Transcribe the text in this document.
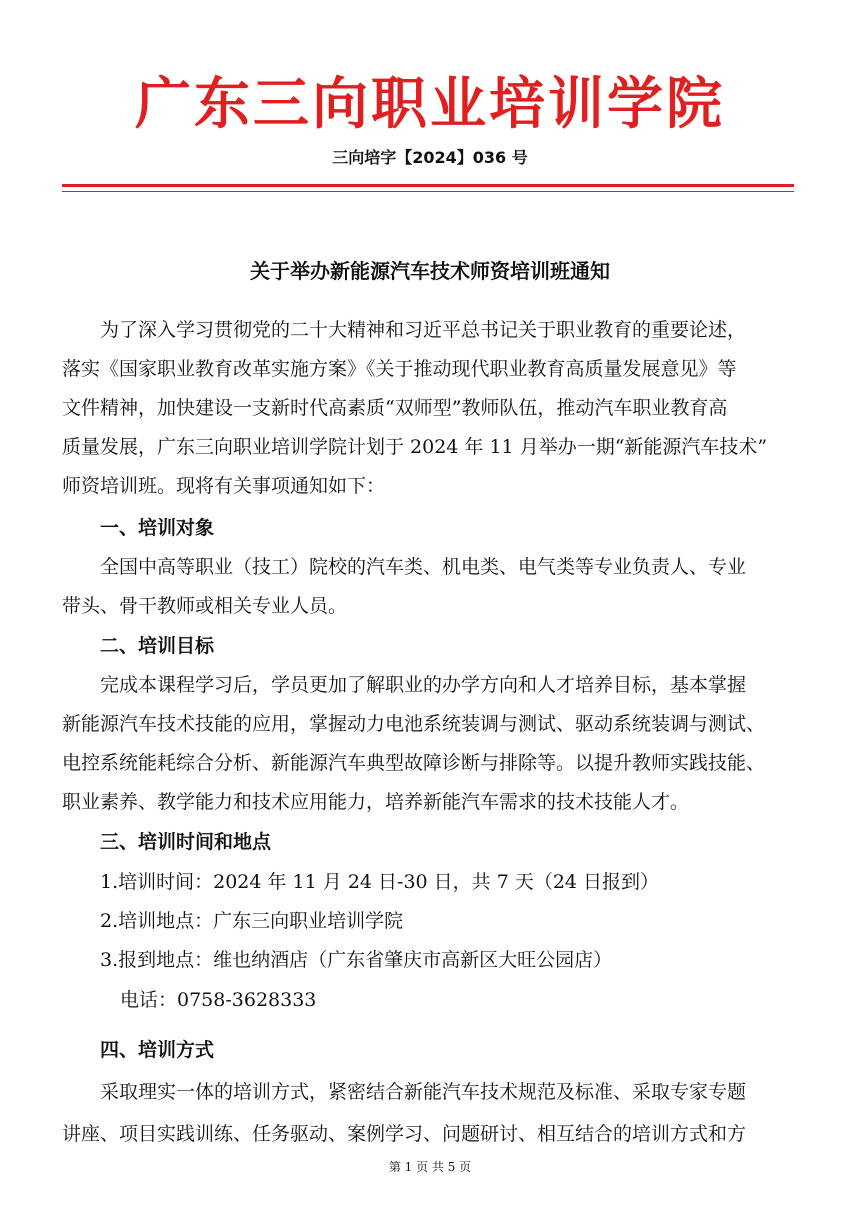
广东三向职业培训学院
三向培字【2024】036 号
关于举办新能源汽车技术师资培训班通知
为了深入学习贯彻党的二十大精神和习近平总书记关于职业教育的重要论述，
落实《国家职业教育改革实施方案》《关于推动现代职业教育高质量发展意见》等
文件精神，加快建设一支新时代高素质“双师型”教师队伍，推动汽车职业教育高
质量发展，广东三向职业培训学院计划于 2024 年 11 月举办一期“新能源汽车技术”
师资培训班。现将有关事项通知如下：
一、培训对象
全国中高等职业（技工）院校的汽车类、机电类、电气类等专业负责人、专业
带头、骨干教师或相关专业人员。
二、培训目标
完成本课程学习后，学员更加了解职业的办学方向和人才培养目标，基本掌握
新能源汽车技术技能的应用，掌握动力电池系统装调与测试、驱动系统装调与测试、
电控系统能耗综合分析、新能源汽车典型故障诊断与排除等。以提升教师实践技能、
职业素养、教学能力和技术应用能力，培养新能汽车需求的技术技能人才。
三、培训时间和地点
1.培训时间：2024 年 11 月 24 日-30 日，共 7 天（24 日报到）
2.培训地点：广东三向职业培训学院
3.报到地点：维也纳酒店（广东省肇庆市高新区大旺公园店）
电话：0758-3628333
四、培训方式
采取理实一体的培训方式，紧密结合新能汽车技术规范及标准、采取专家专题
讲座、项目实践训练、任务驱动、案例学习、问题研讨、相互结合的培训方式和方
第 1 页 共 5 页
